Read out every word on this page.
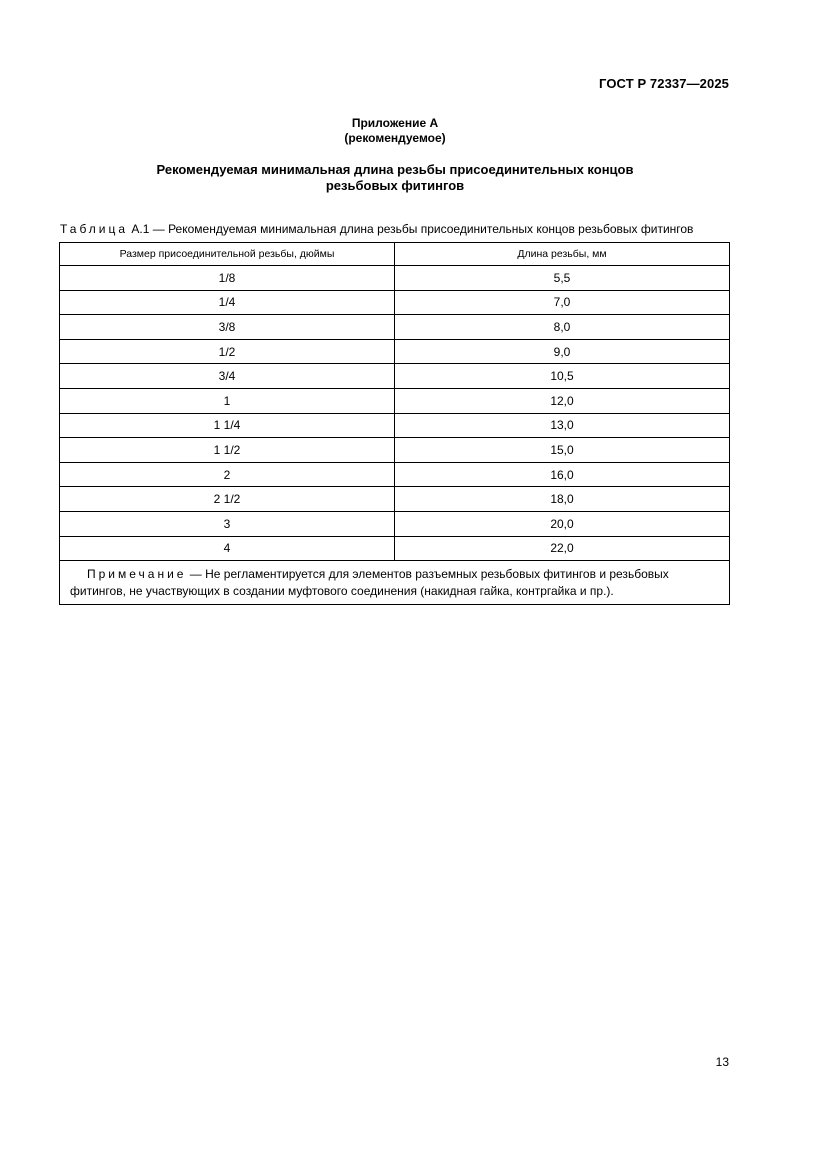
ГОСТ Р 72337—2025
Приложение А
(рекомендуемое)
Рекомендуемая минимальная длина резьбы присоединительных концов
резьбовых фитингов
Таблица А.1 — Рекомендуемая минимальная длина резьбы присоединительных концов резьбовых фитингов
Размер присоединительной резьбы, дюймы	Длина резьбы, мм
1/8	5,5
1/4	7,0
3/8	8,0
1/2	9,0
3/4	10,5
1	12,0
1 1/4	13,0
1 1/2	15,0
2	16,0
2 1/2	18,0
3	20,0
4	22,0
Примечание — Не регламентируется для элементов разъемных резьбовых фитингов и резьбовых фитингов, не участвующих в создании муфтового соединения (накидная гайка, контргайка и пр.).	
13
